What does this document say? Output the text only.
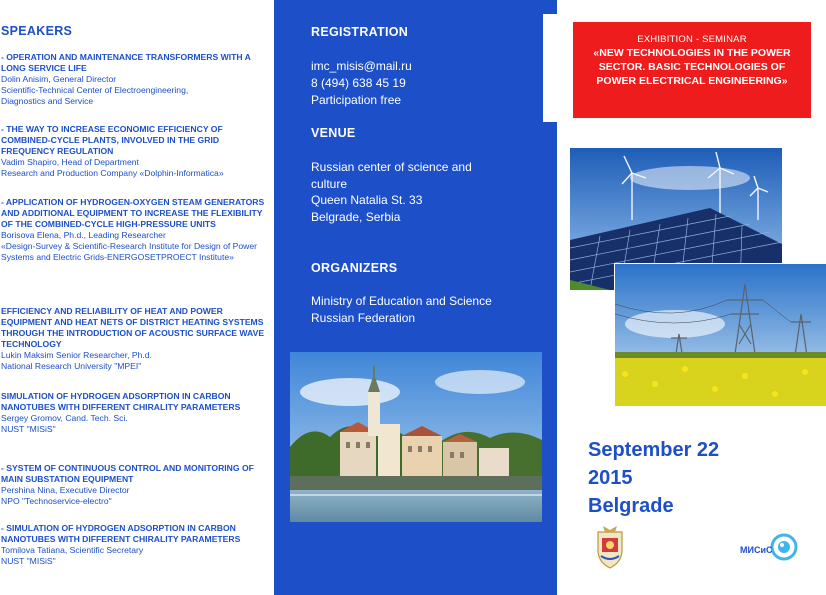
SPEAKERS
- OPERATION AND MAINTENANCE TRANSFORMERS WITH A LONG SERVICE LIFE
Dolin Anisim, General Director
Scientific-Technical Center of Electroengineering,
Diagnostics and Service
- THE WAY TO INCREASE ECONOMIC EFFICIENCY OF COMBINED-CYCLE PLANTS, INVOLVED IN THE GRID FREQUENCY REGULATION
Vadim Shapiro, Head of Department
Research and Production Company «Dolphin-Informatica»
- APPLICATION OF HYDROGEN-OXYGEN STEAM GENERATORS AND ADDITIONAL EQUIPMENT TO INCREASE THE FLEXIBILITY OF THE COMBINED-CYCLE HIGH-PRESSURE UNITS
Borisova Elena, Ph.d., Leading Researcher
«Design-Survey & Scientific-Research Institute for Design of Power Systems and Electric Grids-ENERGOSETPROECT Institute»
EFFICIENCY AND RELIABILITY OF HEAT AND POWER EQUIPMENT AND HEAT NETS OF DISTRICT HEATING SYSTEMS THROUGH THE INTRODUCTION OF ACOUSTIC SURFACE WAVE TECHNOLOGY
Lukin Maksim Senior Researcher, Ph.d.
National Research University "MPEI"
SIMULATION OF HYDROGEN ADSORPTION IN CARBON NANOTUBES WITH DIFFERENT CHIRALITY PARAMETERS
Sergey Gromov, Cand. Tech. Sci.
NUST "MISiS"
- SYSTEM OF CONTINUOUS CONTROL AND MONITORING OF MAIN SUBSTATION EQUIPMENT
Pershina Nina, Executive Director
NPO "Technoservice-electro"
- SIMULATION OF HYDROGEN ADSORPTION IN CARBON NANOTUBES WITH DIFFERENT CHIRALITY PARAMETERS
Tomilova Tatiana, Scientific Secretary
NUST "MISiS"
REGISTRATION
imc_misis@mail.ru
8 (494) 638 45 19
Participation free
VENUE
Russian center of science and
culture
Queen Natalia St. 33
Belgrade, Serbia
ORGANIZERS
Ministry of Education and Science
Russian Federation
EXHIBITION - SEMINAR
«NEW TECHNOLOGIES IN THE POWER SECTOR. BASIC TECHNOLOGIES OF POWER ELECTRICAL ENGINEERING»
September 22
2015
Belgrade
МИСиС
